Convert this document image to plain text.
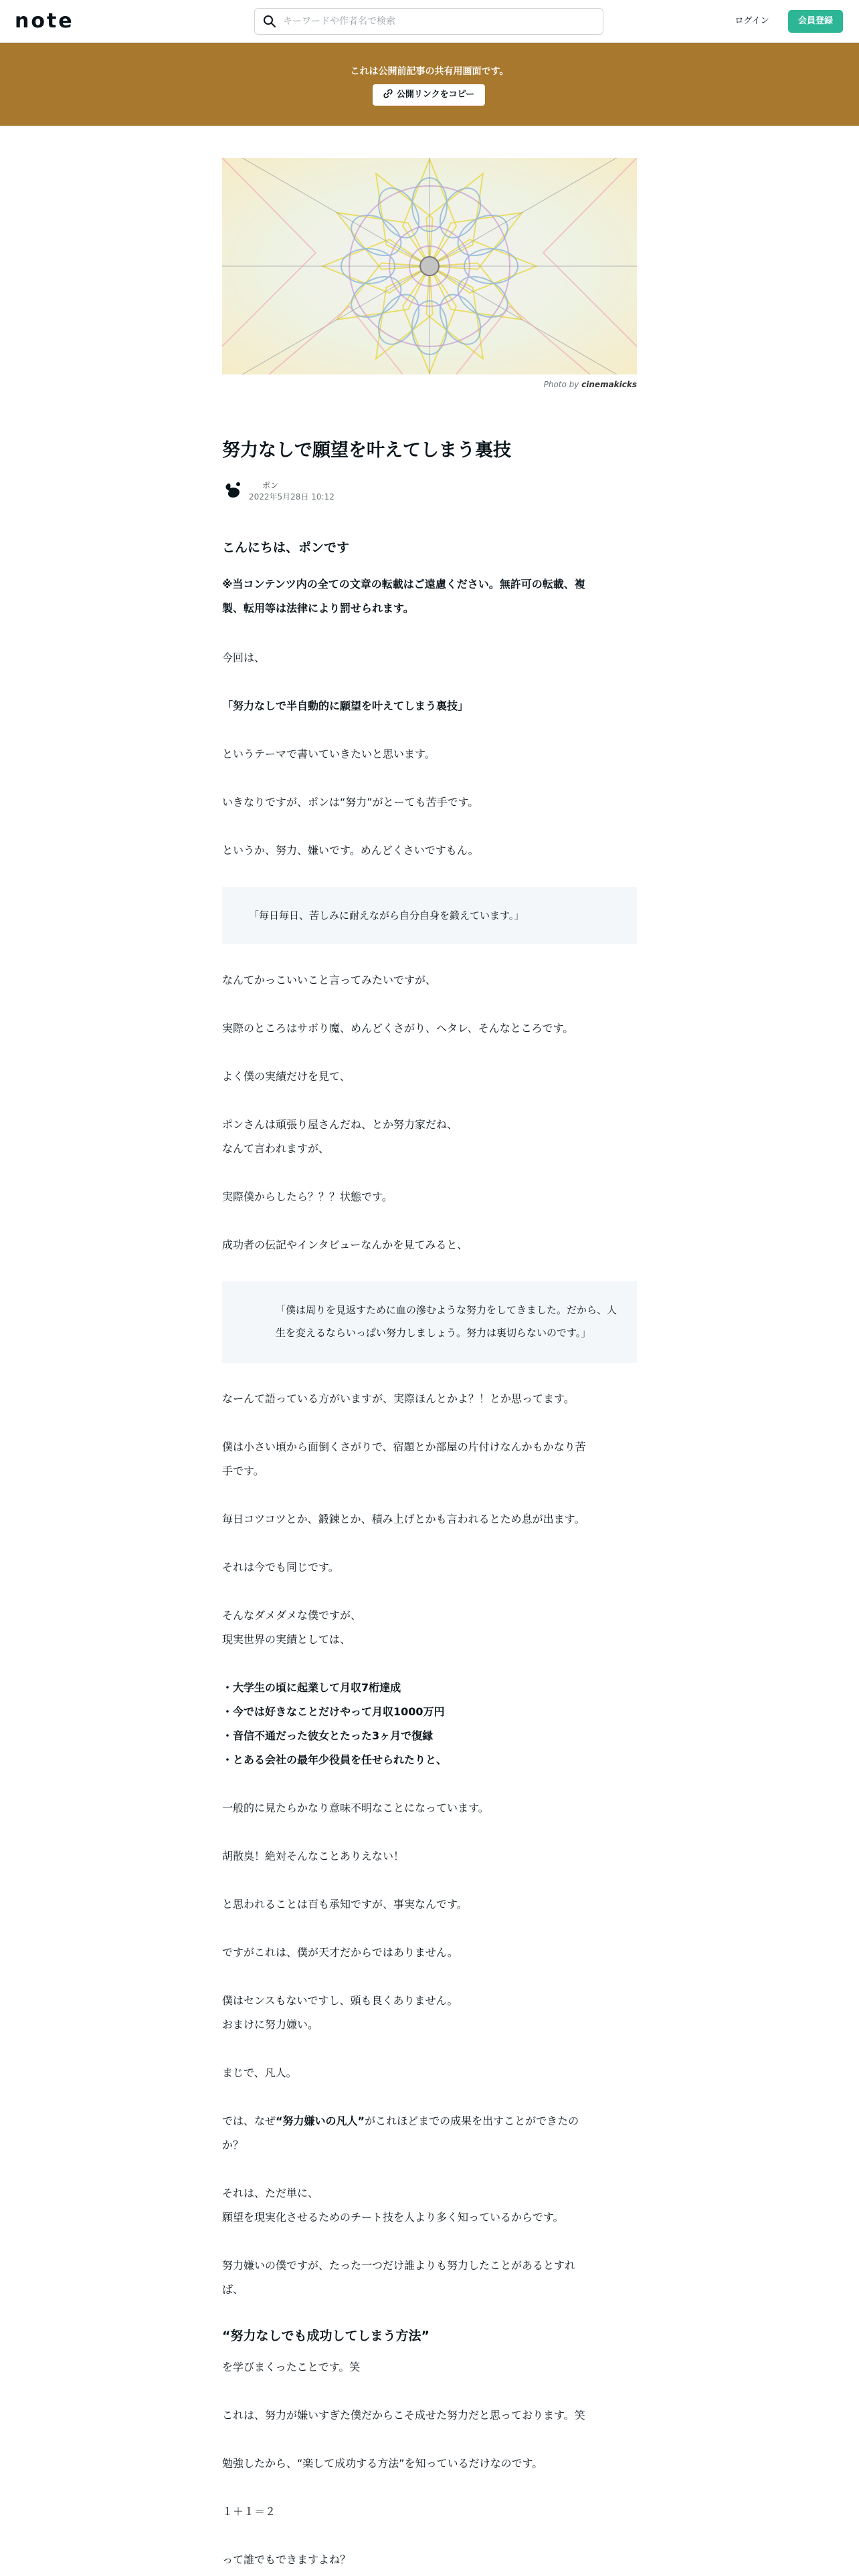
note
キーワードや作者名で検索	ログイン	会員登録
これは公開前記事の共有用画面です。
公開リンクをコピー
Photo by cinemakicks
努力なしで願望を叶えてしまう裏技
ポン
2022年5月28日 10:12
こんにちは、ポンです
※当コンテンツ内の全ての文章の転載はご遠慮ください。無許可の転載、複
製、転用等は法律により罰せられます。
今回は、
「努力なしで半自動的に願望を叶えてしまう裏技」
というテーマで書いていきたいと思います。
いきなりですが、ポンは“努力”がとーても苦手です。
というか、努力、嫌いです。めんどくさいですもん。
「毎日毎日、苦しみに耐えながら自分自身を鍛えています。」
なんてかっこいいこと言ってみたいですが、
実際のところはサボり魔、めんどくさがり、ヘタレ、そんなところです。
よく僕の実績だけを見て、
ポンさんは頑張り屋さんだね、とか努力家だね、
なんて言われますが、
実際僕からしたら？？？状態です。
成功者の伝記やインタビューなんかを見てみると、
「僕は周りを見返すために血の滲むような努力をしてきました。だから、人

生を変えるならいっぱい努力しましょう。努力は裏切らないのです。」
なーんて語っている方がいますが、実際ほんとかよ？！とか思ってます。
僕は小さい頃から面倒くさがりで、宿題とか部屋の片付けなんかもかなり苦
手です。
毎日コツコツとか、鍛錬とか、積み上げとかも言われるとため息が出ます。
それは今でも同じです。
そんなダメダメな僕ですが、
現実世界の実績としては、
・大学生の頃に起業して月収7桁達成
・今では好きなことだけやって月収1000万円
・音信不通だった彼女とたった3ヶ月で復縁
・とある会社の最年少役員を任せられたりと、
一般的に見たらかなり意味不明なことになっています。
胡散臭！絶対そんなことありえない！
と思われることは百も承知ですが、事実なんです。
ですがこれは、僕が天才だからではありません。
僕はセンスもないですし、頭も良くありません。
おまけに努力嫌い。
まじで、凡人。
では、なぜ“努力嫌いの凡人”がこれほどまでの成果を出すことができたの
か？
それは、ただ単に、
願望を現実化させるためのチート技を人より多く知っているからです。
努力嫌いの僕ですが、たった一つだけ誰よりも努力したことがあるとすれ
ば、
“努力なしでも成功してしまう方法”
を学びまくったことです。笑
これは、努力が嫌いすぎた僕だからこそ成せた努力だと思っております。笑
勉強したから、“楽して成功する方法”を知っているだけなのです。
１＋１＝２
って誰でもできますよね？
